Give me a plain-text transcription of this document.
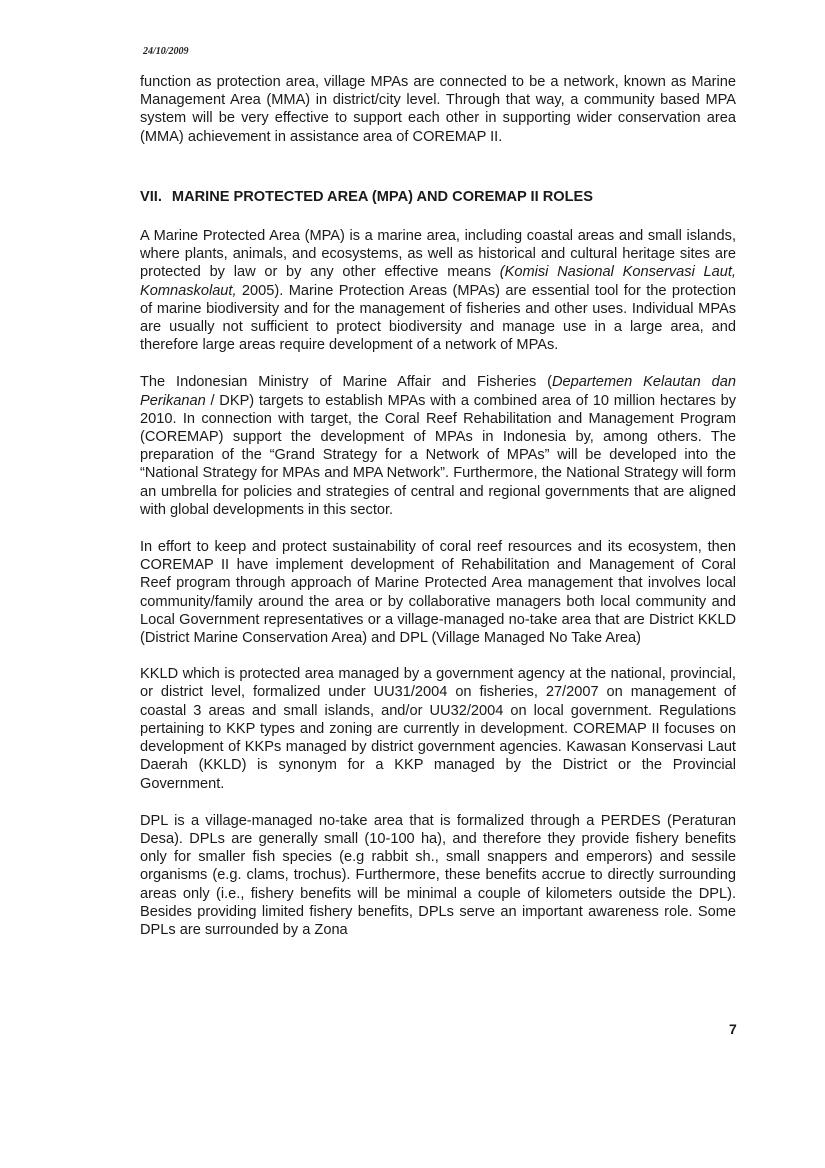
24/10/2009

function as protection area, village MPAs are connected to be a network, known as Marine Management Area (MMA) in district/city level. Through that way, a community based MPA system will be very effective to support each other in supporting wider conservation area (MMA) achievement in assistance area of COREMAP II.

VII. MARINE PROTECTED AREA (MPA) AND COREMAP II ROLES

A Marine Protected Area (MPA) is a marine area, including coastal areas and small islands, where plants, animals, and ecosystems, as well as historical and cultural heritage sites are protected by law or by any other effective means (Komisi Nasional Konservasi Laut, Komnaskolaut, 2005). Marine Protection Areas (MPAs) are essential tool for the protection of marine biodiversity and for the management of fisheries and other uses. Individual MPAs are usually not sufficient to protect biodiversity and manage use in a large area, and therefore large areas require development of a network of MPAs.

The Indonesian Ministry of Marine Affair and Fisheries (Departemen Kelautan dan Perikanan / DKP) targets to establish MPAs with a combined area of 10 million hectares by 2010. In connection with target, the Coral Reef Rehabilitation and Management Program (COREMAP) support the development of MPAs in Indonesia by, among others. The preparation of the “Grand Strategy for a Network of MPAs” will be developed into the “National Strategy for MPAs and MPA Network”. Furthermore, the National Strategy will form an umbrella for policies and strategies of central and regional governments that are aligned with global developments in this sector.

In effort to keep and protect sustainability of coral reef resources and its ecosystem, then COREMAP II have implement development of Rehabilitation and Management of Coral Reef program through approach of Marine Protected Area management that involves local community/family around the area or by collaborative managers both local community and Local Government representatives or a village-managed no-take area that are District KKLD (District Marine Conservation Area) and DPL (Village Managed No Take Area)

KKLD which is protected area managed by a government agency at the national, provincial, or district level, formalized under UU31/2004 on fisheries, 27/2007 on management of coastal 3 areas and small islands, and/or UU32/2004 on local government. Regulations pertaining to KKP types and zoning are currently in development. COREMAP II focuses on development of KKPs managed by district government agencies. Kawasan Konservasi Laut Daerah (KKLD) is synonym for a KKP managed by the District or the Provincial Government.

DPL is a village-managed no-take area that is formalized through a PERDES (Peraturan Desa). DPLs are generally small (10-100 ha), and therefore they provide fishery benefits only for smaller fish species (e.g rabbit sh., small snappers and emperors) and sessile organisms (e.g. clams, trochus). Furthermore, these benefits accrue to directly surrounding areas only (i.e., fishery benefits will be minimal a couple of kilometers outside the DPL). Besides providing limited fishery benefits, DPLs serve an important awareness role. Some DPLs are surrounded by a Zona

7
